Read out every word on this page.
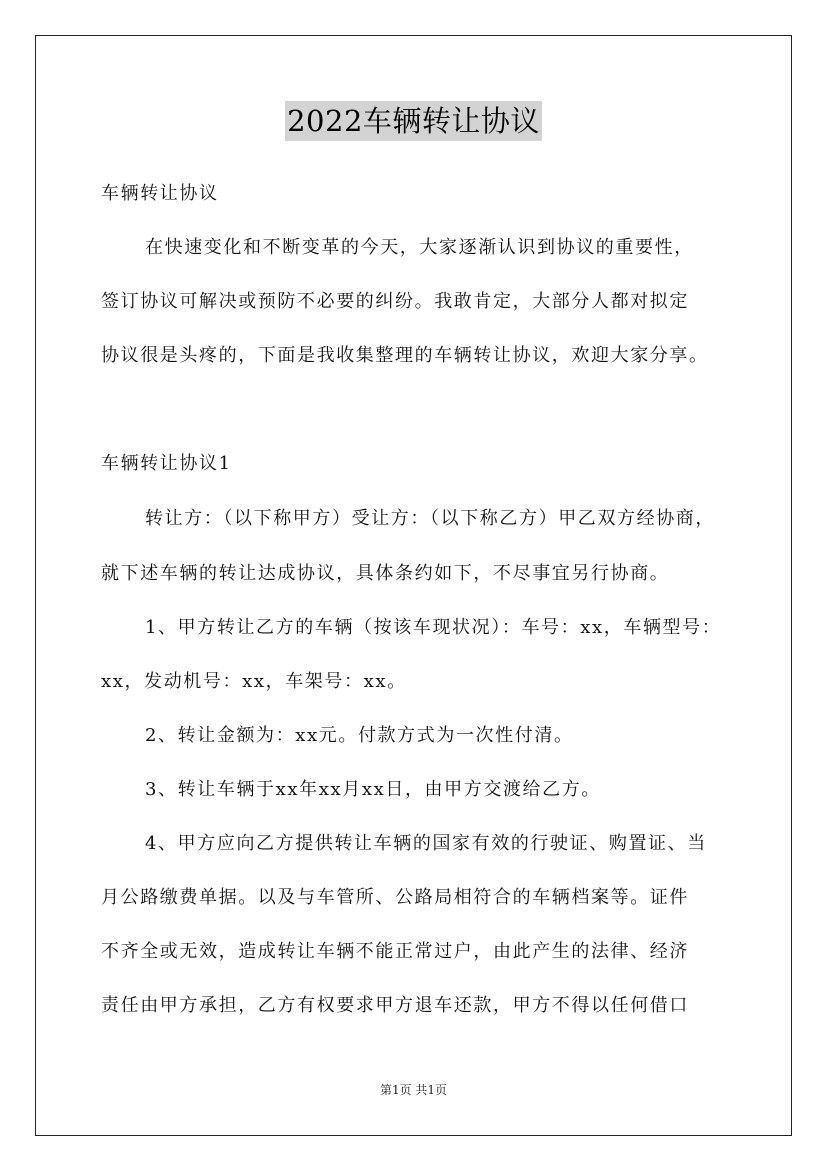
2022车辆转让协议
车辆转让协议
在快速变化和不断变革的今天，大家逐渐认识到协议的重要性，
签订协议可解决或预防不必要的纠纷。我敢肯定，大部分人都对拟定
协议很是头疼的，下面是我收集整理的车辆转让协议，欢迎大家分享。
车辆转让协议1
转让方：（以下称甲方）受让方：（以下称乙方）甲乙双方经协商，
就下述车辆的转让达成协议，具体条约如下，不尽事宜另行协商。
1、甲方转让乙方的车辆（按该车现状况）：车号：xx，车辆型号：
xx，发动机号：xx，车架号：xx。
2、转让金额为：xx元。付款方式为一次性付清。
3、转让车辆于xx年xx月xx日，由甲方交渡给乙方。
4、甲方应向乙方提供转让车辆的国家有效的行驶证、购置证、当
月公路缴费单据。以及与车管所、公路局相符合的车辆档案等。证件
不齐全或无效，造成转让车辆不能正常过户，由此产生的法律、经济
责任由甲方承担，乙方有权要求甲方退车还款，甲方不得以任何借口
第1页 共1页
